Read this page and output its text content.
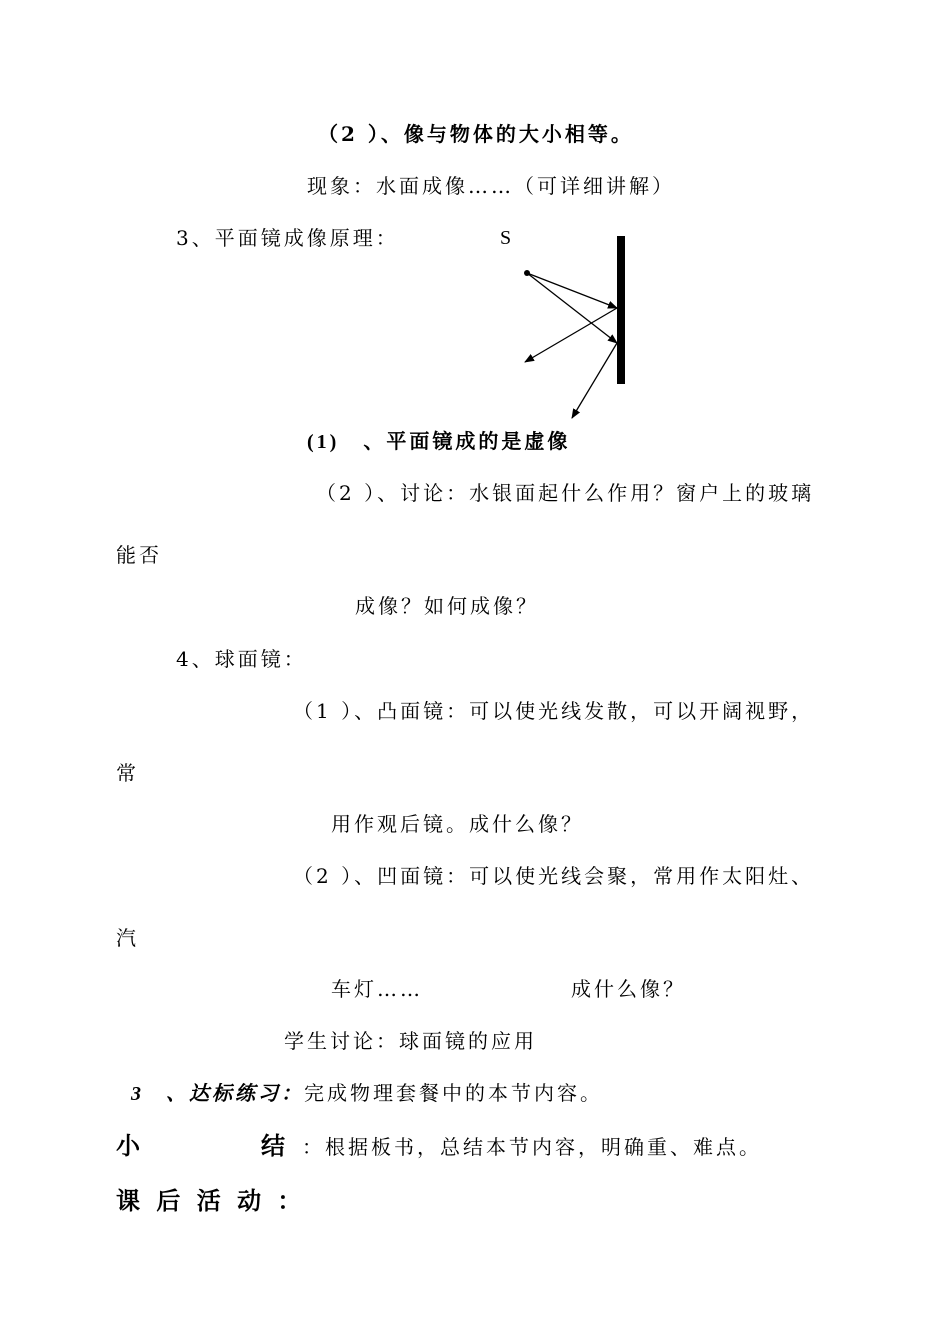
（2 ）、像与物体的大小相等。
现象：水面成像……（可详细讲解）
3、平面镜成像原理：	S
(1) 、平面镜成的是虚像
（2 ）、讨论：水银面起什么作用？窗户上的玻璃
能否
成像？如何成像？
4、球面镜：
（1 ）、凸面镜：可以使光线发散，可以开阔视野，
常
用作观后镜。成什么像？
（2 ）、凹面镜：可以使光线会聚，常用作太阳灶、
汽
车灯……	成什么像？
学生讨论：球面镜的应用
3 、达标练习：完成物理套餐中的本节内容。
小	结 ：根据板书，总结本节内容，明确重、难点。
课 后 活 动 ：
